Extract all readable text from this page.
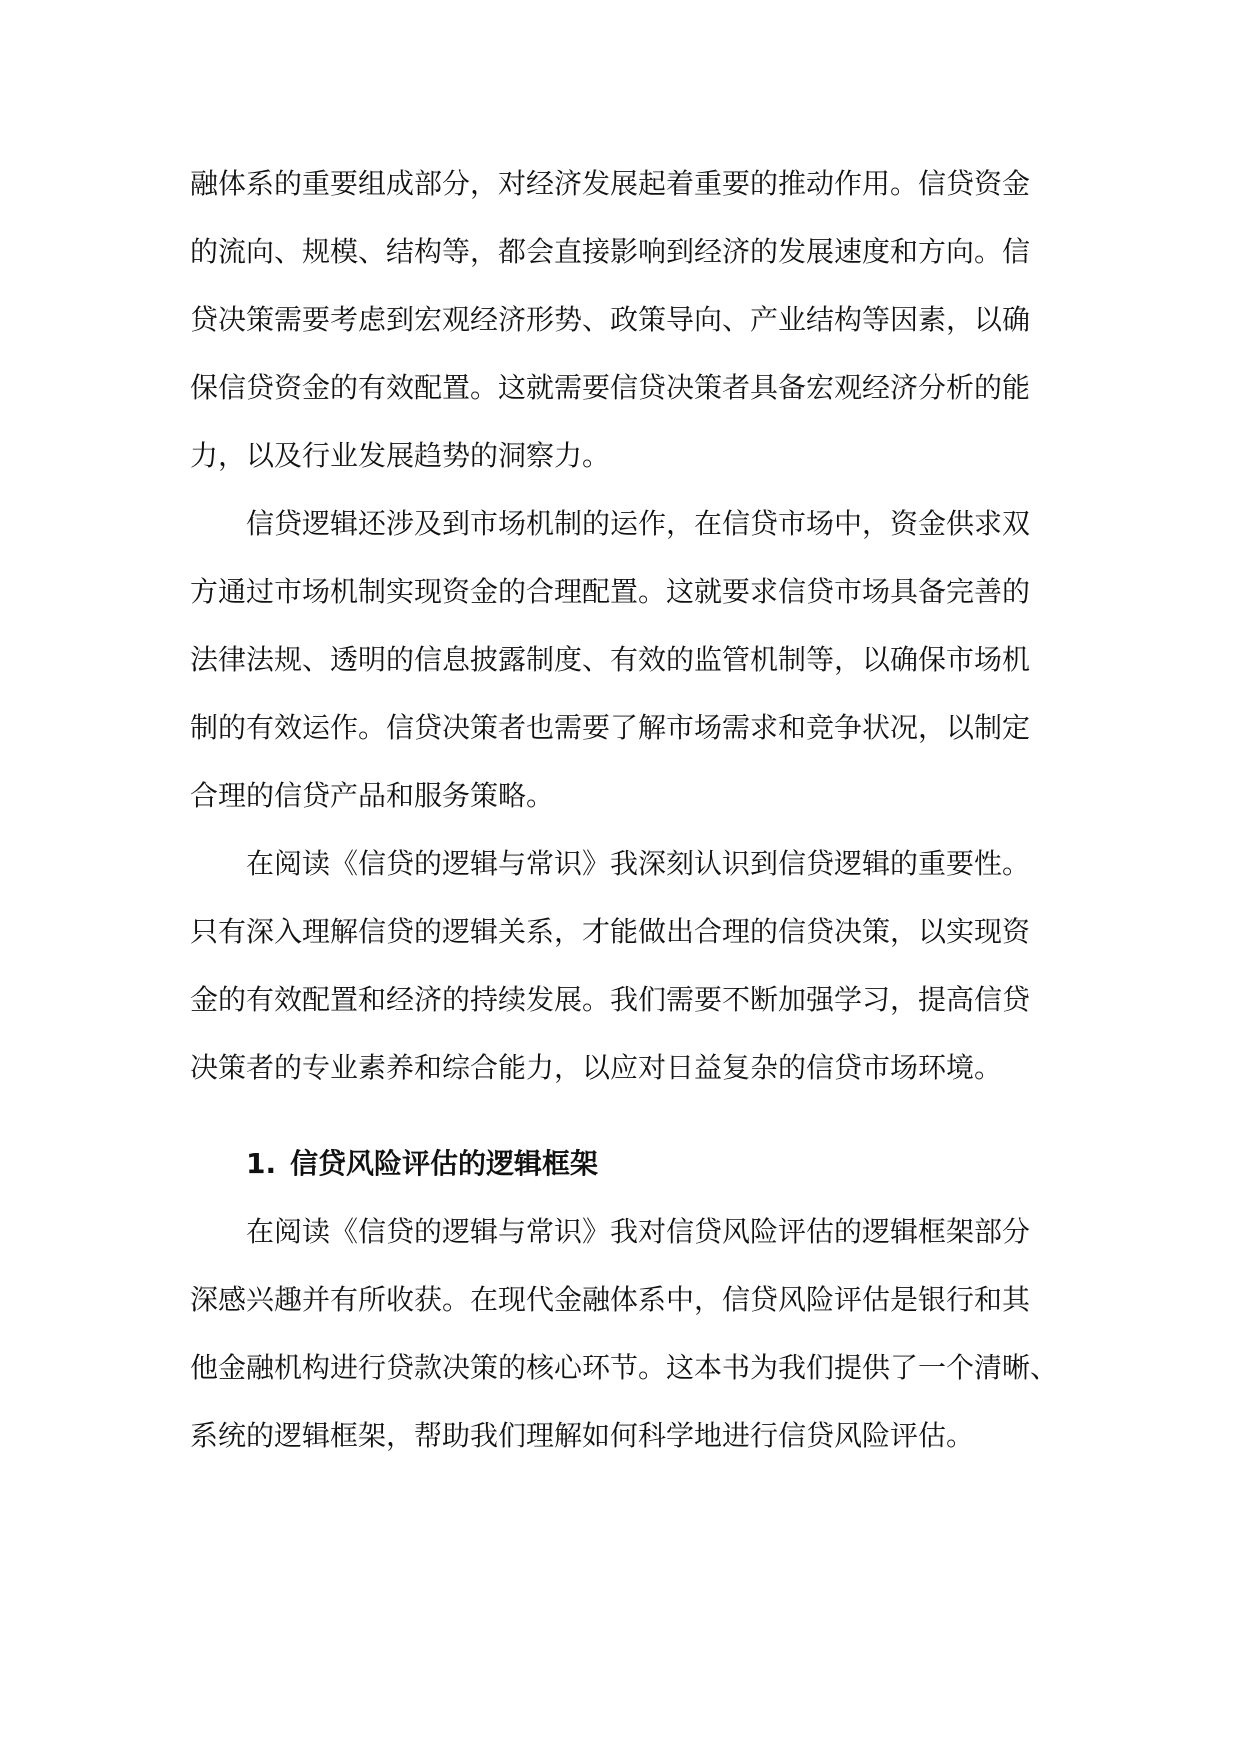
融体系的重要组成部分，对经济发展起着重要的推动作用。信贷资金
的流向、规模、结构等，都会直接影响到经济的发展速度和方向。信
贷决策需要考虑到宏观经济形势、政策导向、产业结构等因素，以确
保信贷资金的有效配置。这就需要信贷决策者具备宏观经济分析的能
力，以及行业发展趋势的洞察力。
信贷逻辑还涉及到市场机制的运作，在信贷市场中，资金供求双
方通过市场机制实现资金的合理配置。这就要求信贷市场具备完善的
法律法规、透明的信息披露制度、有效的监管机制等，以确保市场机
制的有效运作。信贷决策者也需要了解市场需求和竞争状况，以制定
合理的信贷产品和服务策略。
在阅读《信贷的逻辑与常识》我深刻认识到信贷逻辑的重要性。
只有深入理解信贷的逻辑关系，才能做出合理的信贷决策，以实现资
金的有效配置和经济的持续发展。我们需要不断加强学习，提高信贷
决策者的专业素养和综合能力，以应对日益复杂的信贷市场环境。
1. 信贷风险评估的逻辑框架
在阅读《信贷的逻辑与常识》我对信贷风险评估的逻辑框架部分
深感兴趣并有所收获。在现代金融体系中，信贷风险评估是银行和其
他金融机构进行贷款决策的核心环节。这本书为我们提供了一个清晰、
系统的逻辑框架，帮助我们理解如何科学地进行信贷风险评估。
